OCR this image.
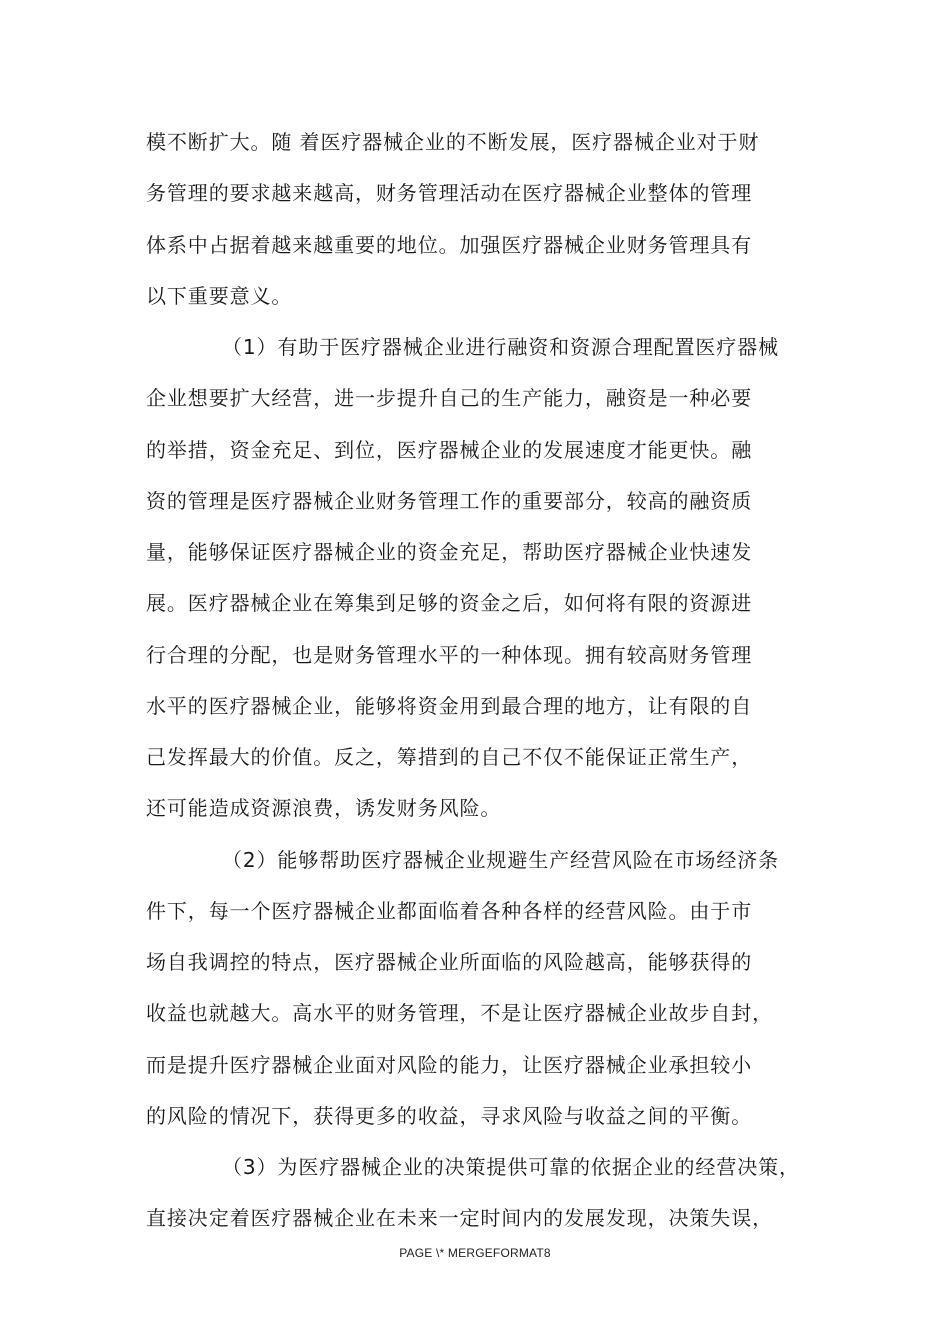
模不断扩大。随 着医疗器械企业的不断发展，医疗器械企业对于财
务管理的要求越来越高，财务管理活动在医疗器械企业整体的管理
体系中占据着越来越重要的地位。加强医疗器械企业财务管理具有
以下重要意义。
（1）有助于医疗器械企业进行融资和资源合理配置医疗器械
企业想要扩大经营，进一步提升自己的生产能力，融资是一种必要
的举措，资金充足、到位，医疗器械企业的发展速度才能更快。融
资的管理是医疗器械企业财务管理工作的重要部分，较高的融资质
量，能够保证医疗器械企业的资金充足，帮助医疗器械企业快速发
展。医疗器械企业在筹集到足够的资金之后，如何将有限的资源进
行合理的分配，也是财务管理水平的一种体现。拥有较高财务管理
水平的医疗器械企业，能够将资金用到最合理的地方，让有限的自
己发挥最大的价值。反之，筹措到的自己不仅不能保证正常生产，
还可能造成资源浪费，诱发财务风险。
（2）能够帮助医疗器械企业规避生产经营风险在市场经济条
件下，每一个医疗器械企业都面临着各种各样的经营风险。由于市
场自我调控的特点，医疗器械企业所面临的风险越高，能够获得的
收益也就越大。高水平的财务管理，不是让医疗器械企业故步自封，
而是提升医疗器械企业面对风险的能力，让医疗器械企业承担较小
的风险的情况下，获得更多的收益，寻求风险与收益之间的平衡。
（3）为医疗器械企业的决策提供可靠的依据企业的经营决策，
直接决定着医疗器械企业在未来一定时间内的发展发现，决策失误，
PAGE \* MERGEFORMAT8
